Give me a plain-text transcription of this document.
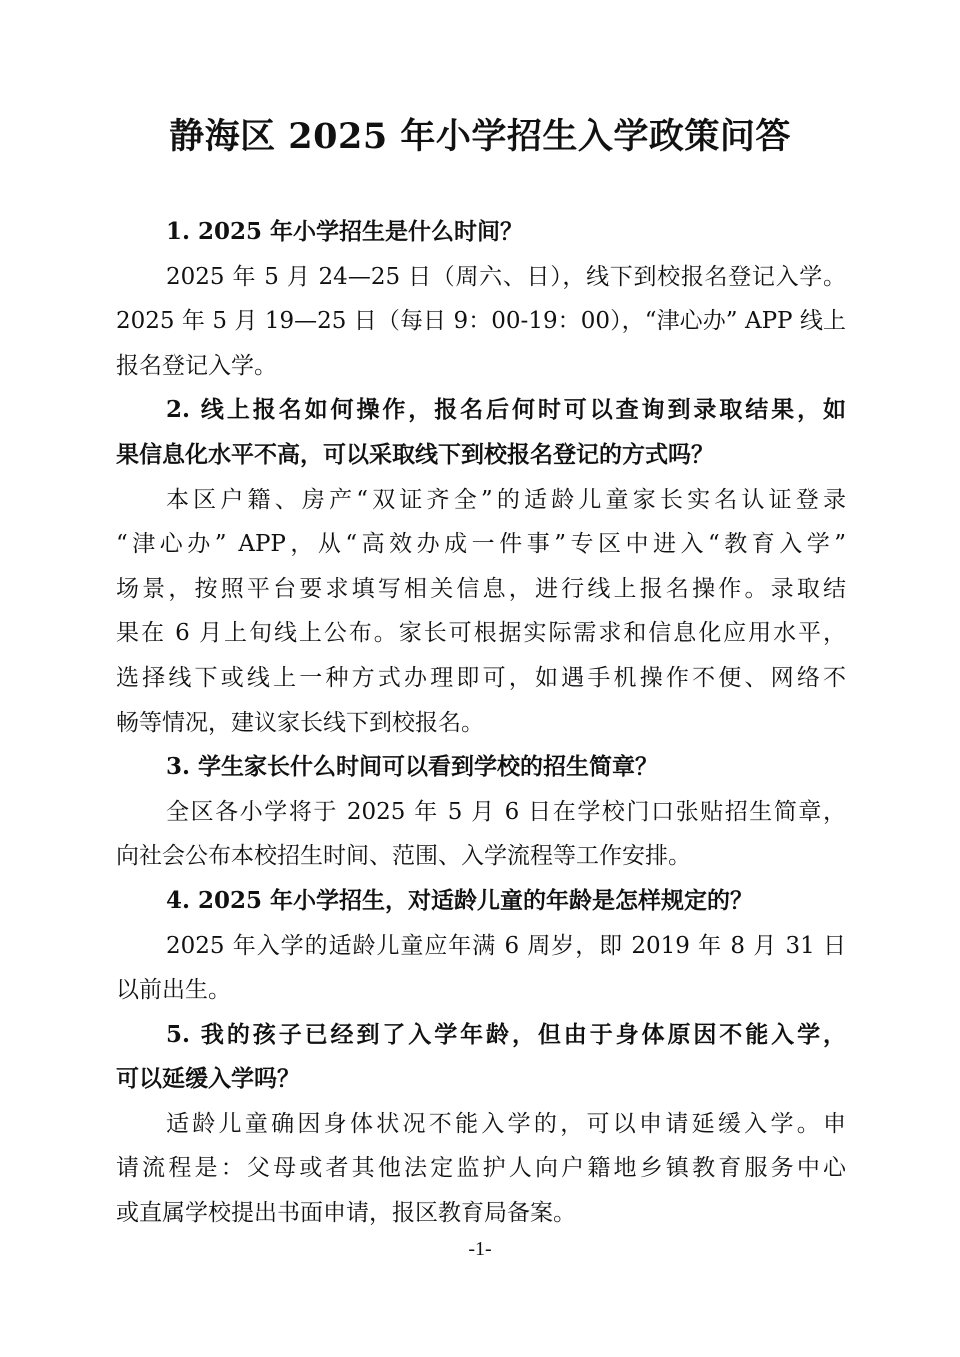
静海区 2025 年小学招生入学政策问答
1. 2025 年小学招生是什么时间？
2025 年 5 月 24—25 日（周六、日），线下到校报名登记入学。
2025 年 5 月 19—25 日（每日 9：00-19：00），“津心办” APP 线上
报名登记入学。
2. 线上报名如何操作，报名后何时可以查询到录取结果，如
果信息化水平不高，可以采取线下到校报名登记的方式吗？
本区户籍、房产“双证齐全”的适龄儿童家长实名认证登录
“津心办” APP，从“高效办成一件事”专区中进入“教育入学”
场景，按照平台要求填写相关信息，进行线上报名操作。录取结
果在 6 月上旬线上公布。家长可根据实际需求和信息化应用水平，
选择线下或线上一种方式办理即可，如遇手机操作不便、网络不
畅等情况，建议家长线下到校报名。
3. 学生家长什么时间可以看到学校的招生简章？
全区各小学将于 2025 年 5 月 6 日在学校门口张贴招生简章，
向社会公布本校招生时间、范围、入学流程等工作安排。
4. 2025 年小学招生，对适龄儿童的年龄是怎样规定的？
2025 年入学的适龄儿童应年满 6 周岁，即 2019 年 8 月 31 日
以前出生。
5. 我的孩子已经到了入学年龄，但由于身体原因不能入学，
可以延缓入学吗？
适龄儿童确因身体状况不能入学的，可以申请延缓入学。申
请流程是：父母或者其他法定监护人向户籍地乡镇教育服务中心
或直属学校提出书面申请，报区教育局备案。
-1-
